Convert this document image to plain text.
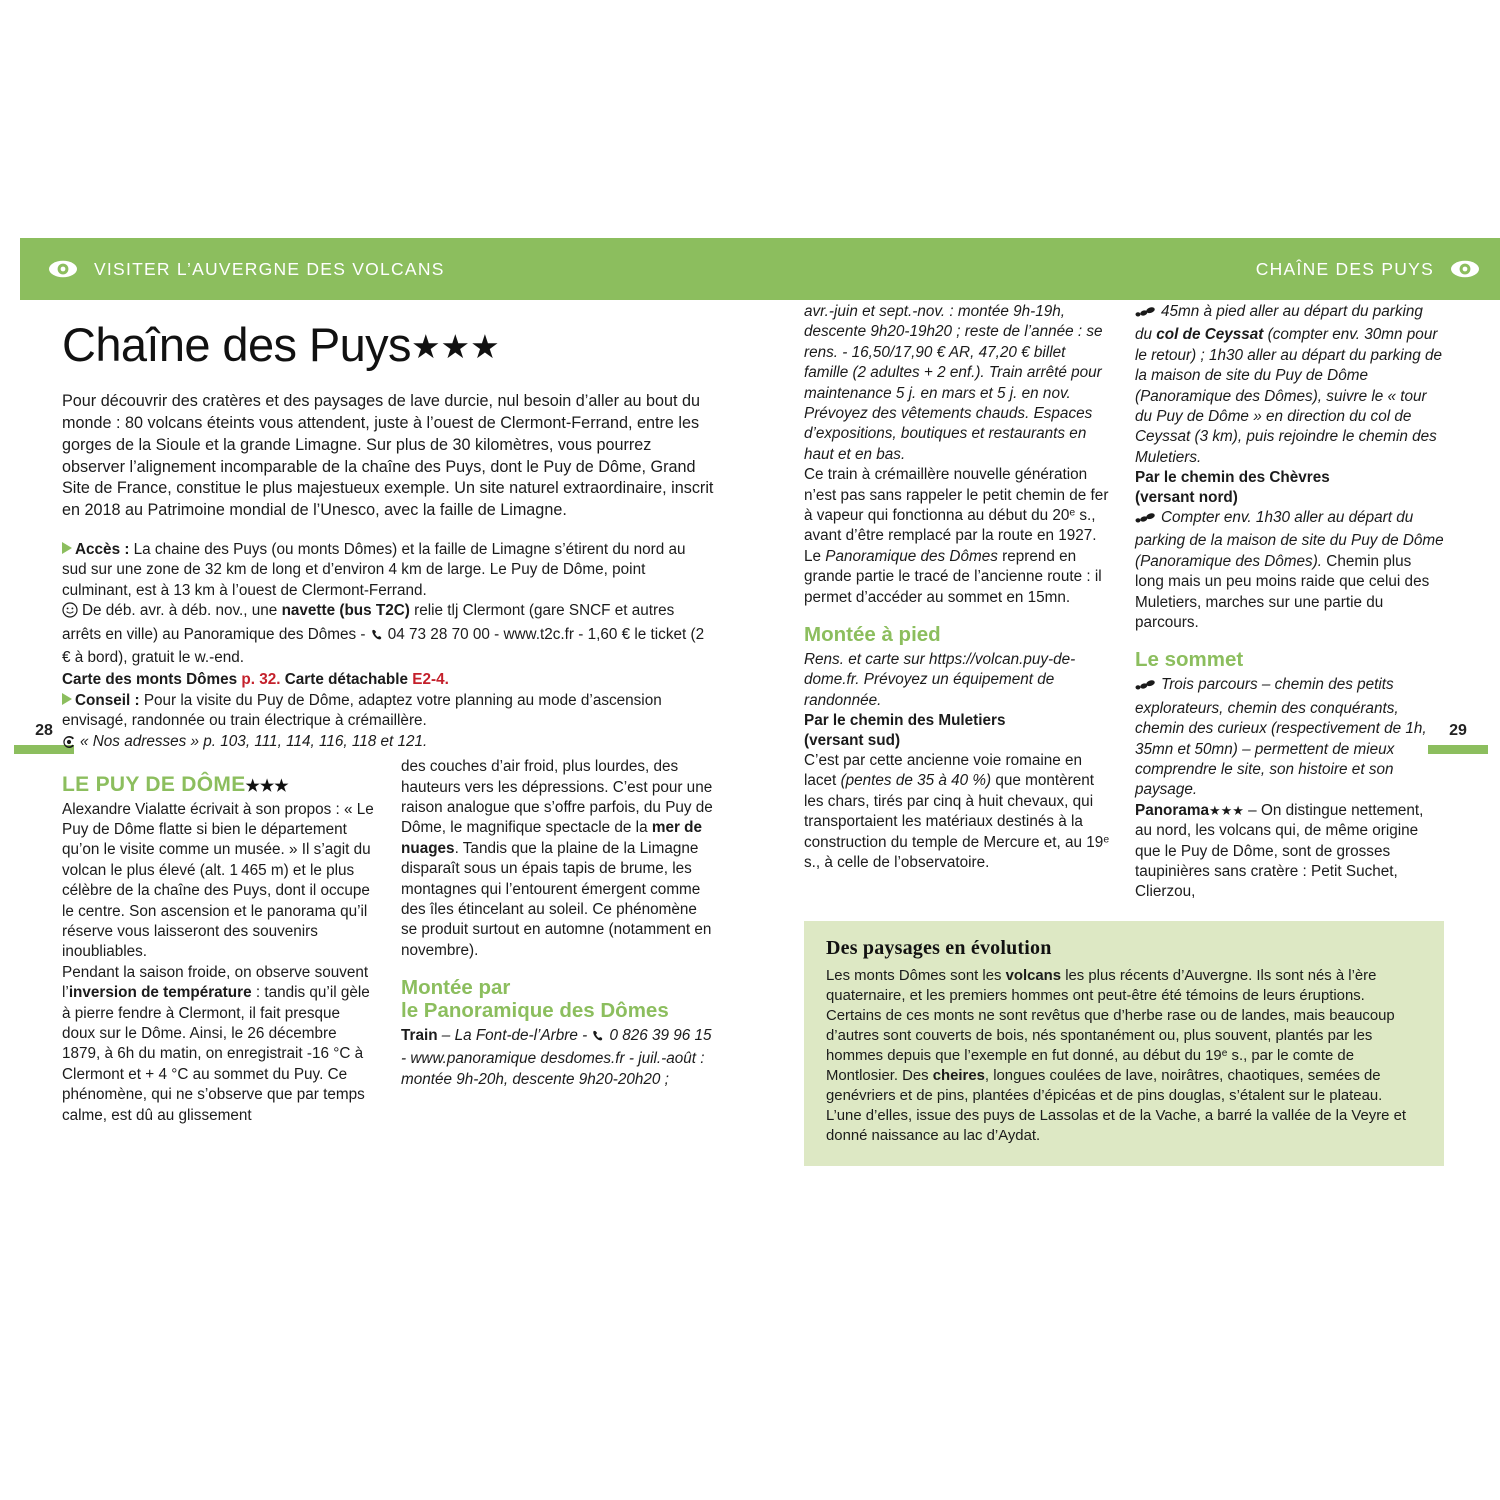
VISITER L’AUVERGNE DES VOLCANS	CHAÎNE DES PUYS
28	29
Chaîne des Puys★★★

Pour découvrir des cratères et des paysages de lave durcie, nul besoin d’aller au bout du monde : 80 volcans éteints vous attendent, juste à l’ouest de Clermont-Ferrand, entre les gorges de la Sioule et la grande Limagne. Sur plus de 30 kilomètres, vous pourrez observer l’alignement incomparable de la chaîne des Puys, dont le Puy de Dôme, Grand Site de France, constitue le plus majestueux exemple. Un site naturel extraordinaire, inscrit en 2018 au Patrimoine mondial de l’Unesco, avec la faille de Limagne.

Accès : La chaine des Puys (ou monts Dômes) et la faille de Limagne s’étirent du nord au sud sur une zone de 32 km de long et d’environ 4 km de large. Le Puy de Dôme, point culminant, est à 13 km à l’ouest de Clermont-Ferrand.

De déb. avr. à déb. nov., une navette (bus T2C) relie tlj Clermont (gare SNCF et autres arrêts en ville) au Panoramique des Dômes - 04 73 28 70 00 - www.t2c.fr - 1,60 € le ticket (2 € à bord), gratuit le w.-end.

Carte des monts Dômes p. 32. Carte détachable E2-4.

Conseil : Pour la visite du Puy de Dôme, adaptez votre planning au mode d’ascension envisagé, randonnée ou train électrique à crémaillère.

« Nos adresses » p. 103, 111, 114, 116, 118 et 121.

LE PUY DE DÔME★★★

Alexandre Vialatte écrivait à son propos : « Le Puy de Dôme flatte si bien le département qu’on le visite comme un musée. » Il s’agit du volcan le plus élevé (alt. 1 465 m) et le plus célèbre de la chaîne des Puys, dont il occupe le centre. Son ascension et le panorama qu’il réserve vous laisseront des souvenirs inoubliables.

Pendant la saison froide, on observe souvent l’inversion de température : tandis qu’il gèle à pierre fendre à Clermont, il fait presque doux sur le Dôme. Ainsi, le 26 décembre 1879, à 6h du matin, on enregistrait -16 °C à Clermont et + 4 °C au sommet du Puy. Ce phénomène, qui ne s’observe que par temps calme, est dû au glissement

des couches d’air froid, plus lourdes, des hauteurs vers les dépressions. C’est pour une raison analogue que s’offre parfois, du Puy de Dôme, le magnifique spectacle de la mer de nuages. Tandis que la plaine de la Limagne disparaît sous un épais tapis de brume, les montagnes qui l’entourent émergent comme des îles étincelant au soleil. Ce phénomène se produit surtout en automne (notamment en novembre).

Montée par
le Panoramique des Dômes

Train – La Font-de-l’Arbre - 0 826 39 96 15 - www.panoramique desdomes.fr - juil.-août : montée 9h-20h, descente 9h20-20h20 ;

avr.-juin et sept.-nov. : montée 9h-19h, descente 9h20-19h20 ; reste de l’année : se rens. - 16,50/17,90 € AR, 47,20 € billet famille (2 adultes + 2 enf.). Train arrêté pour maintenance 5 j. en mars et 5 j. en nov. Prévoyez des vêtements chauds. Espaces d’expositions, boutiques et restaurants en haut et en bas.

Ce train à crémaillère nouvelle génération n’est pas sans rappeler le petit chemin de fer à vapeur qui fonctionna au début du 20e s., avant d’être remplacé par la route en 1927. Le Panoramique des Dômes reprend en grande partie le tracé de l’ancienne route : il permet d’accéder au sommet en 15mn.

Montée à pied

Rens. et carte sur https://volcan.puy-de-dome.fr. Prévoyez un équipement de randonnée.

Par le chemin des Muletiers
(versant sud)

C’est par cette ancienne voie romaine en lacet (pentes de 35 à 40 %) que montèrent les chars, tirés par cinq à huit chevaux, qui transportaient les matériaux destinés à la construction du temple de Mercure et, au 19e s., à celle de l’observatoire.

45mn à pied aller au départ du parking du col de Ceyssat (compter env. 30mn pour le retour) ; 1h30 aller au départ du parking de la maison de site du Puy de Dôme (Panoramique des Dômes), suivre le « tour du Puy de Dôme » en direction du col de Ceyssat (3 km), puis rejoindre le chemin des Muletiers.

Par le chemin des Chèvres
(versant nord)

Compter env. 1h30 aller au départ du parking de la maison de site du Puy de Dôme (Panoramique des Dômes). Chemin plus long mais un peu moins raide que celui des Muletiers, marches sur une partie du parcours.

Le sommet

Trois parcours – chemin des petits explorateurs, chemin des conquérants, chemin des curieux (respectivement de 1h, 35mn et 50mn) – permettent de mieux comprendre le site, son histoire et son paysage.

Panorama★★★ – On distingue nettement, au nord, les volcans qui, de même origine que le Puy de Dôme, sont de grosses taupinières sans cratère : Petit Suchet, Clierzou,

Des paysages en évolution

Les monts Dômes sont les volcans les plus récents d’Auvergne. Ils sont nés à l’ère quaternaire, et les premiers hommes ont peut-être été témoins de leurs éruptions. Certains de ces monts ne sont revêtus que d’herbe rase ou de landes, mais beaucoup d’autres sont couverts de bois, nés spontanément ou, plus souvent, plantés par les hommes depuis que l’exemple en fut donné, au début du 19e s., par le comte de Montlosier. Des cheires, longues coulées de lave, noirâtres, chaotiques, semées de genévriers et de pins, plantées d’épicéas et de pins douglas, s’étalent sur le plateau. L’une d’elles, issue des puys de Lassolas et de la Vache, a barré la vallée de la Veyre et donné naissance au lac d’Aydat.
